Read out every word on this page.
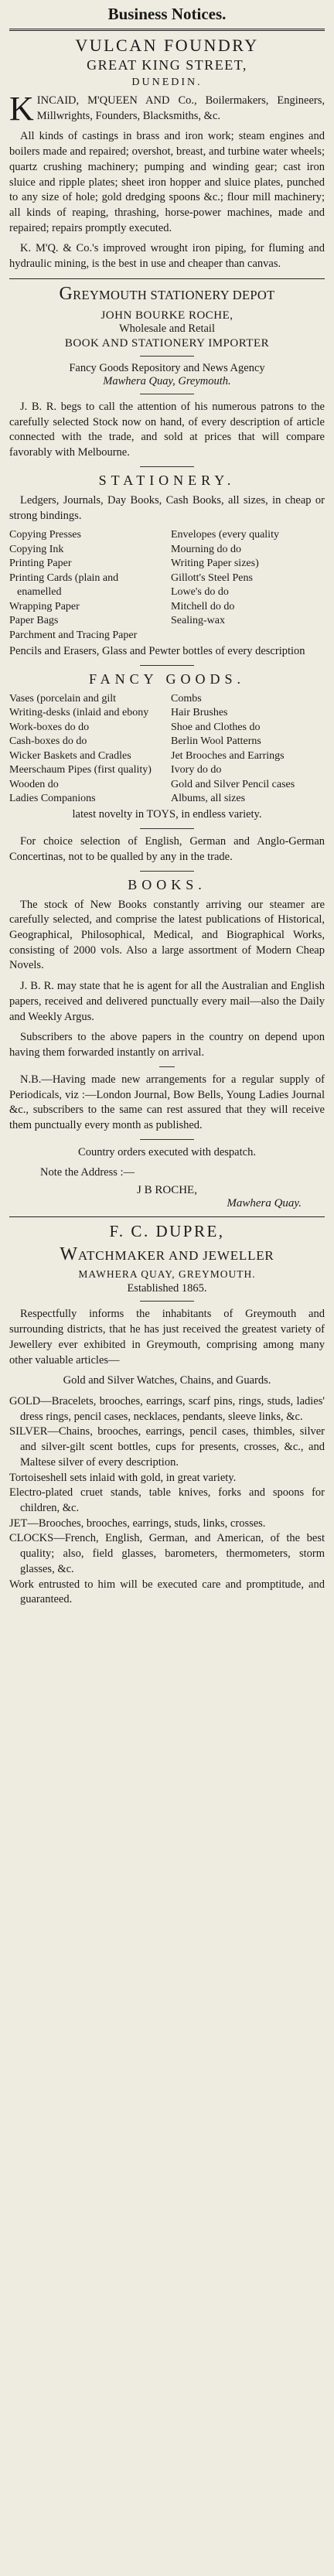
Business Notices.

VULCAN FOUNDRY

GREAT KING STREET,

DUNEDIN.

KINCAID, M'QUEEN AND Co., Boilermakers, Engineers, Millwrights, Founders, Blacksmiths, &c.

All kinds of castings in brass and iron work; steam engines and boilers made and repaired; overshot, breast, and turbine water wheels; quartz crushing machinery; pumping and winding gear; cast iron sluice and ripple plates; sheet iron hopper and sluice plates, punched to any size of hole; gold dredging spoons &c.; flour mill machinery; all kinds of reaping, thrashing, horse-power machines, made and repaired; repairs promptly executed.

K. M'Q. & Co.'s improved wrought iron piping, for fluming and hydraulic mining, is the best in use and cheaper than canvas.

GREYMOUTH STATIONERY DEPOT

JOHN BOURKE ROCHE,

Wholesale and Retail

BOOK AND STATIONERY IMPORTER

Fancy Goods Repository and News Agency

Mawhera Quay, Greymouth.

J. B. R. begs to call the attention of his numerous patrons to the carefully selected Stock now on hand, of every description of article connected with the trade, and sold at prices that will compare favorably with Melbourne.

STATIONERY.

Ledgers, Journals, Day Books, Cash Books, all sizes, in cheap or strong bindings.

Copying Presses

Copying Ink

Printing Paper

Printing Cards (plain and enamelled

Wrapping Paper

Paper Bags

Parchment and Tracing Paper

Envelopes (every quality

Mourning do do

Writing Paper sizes)

Gillott's Steel Pens

Lowe's do do

Mitchell do do

Sealing-wax

Pencils and Erasers, Glass and Pewter bottles of every description

FANCY GOODS.

Vases (porcelain and gilt

Writing-desks (inlaid and ebony

Work-boxes do do

Cash-boxes do do

Wicker Baskets and Cradles

Meerschaum Pipes (first quality)

Wooden do

Ladies Companions

Combs

Hair Brushes

Shoe and Clothes do

Berlin Wool Patterns

Jet Brooches and Earrings

Ivory do do

Gold and Silver Pencil cases

Albums, all sizes

latest novelty in TOYS, in endless variety.

For choice selection of English, German and Anglo-German Concertinas, not to be qualled by any in the trade.

BOOKS.

The stock of New Books constantly arriving our steamer are carefully selected, and comprise the latest publications of Historical, Geographical, Philosophical, Medical, and Biographical Works, consisting of 2000 vols. Also a large assortment of Modern Cheap Novels.

J. B. R. may state that he is agent for all the Australian and English papers, received and delivered punctually every mail—also the Daily and Weekly Argus.

Subscribers to the above papers in the country on depend upon having them forwarded instantly on arrival.

N.B.—Having made new arrangements for a regular supply of Periodicals, viz :—London Journal, Bow Bells, Young Ladies Journal &c., subscribers to the same can rest assured that they will receive them punctually every month as published.

Country orders executed with despatch.

Note the Address :—

J B ROCHE,

Mawhera Quay.

F. C. DUPRE,

WATCHMAKER AND JEWELLER

MAWHERA QUAY, GREYMOUTH.

Established 1865.

Respectfully informs the inhabitants of Greymouth and surrounding districts, that he has just received the greatest variety of Jewellery ever exhibited in Greymouth, comprising among many other valuable articles—

Gold and Silver Watches, Chains, and Guards.

GOLD—Bracelets, brooches, earrings, scarf pins, rings, studs, ladies' dress rings, pencil cases, necklaces, pendants, sleeve links, &c.

SILVER—Chains, brooches, earrings, pencil cases, thimbles, silver and silver-gilt scent bottles, cups for presents, crosses, &c., and Maltese silver of every description.

Tortoiseshell sets inlaid with gold, in great variety.

Electro-plated cruet stands, table knives, forks and spoons for children, &c.

JET—Brooches, brooches, earrings, studs, links, crosses.

CLOCKS—French, English, German, and American, of the best quality; also, field glasses, barometers, thermometers, storm glasses, &c.

Work entrusted to him will be executed care and promptitude, and guaranteed.
